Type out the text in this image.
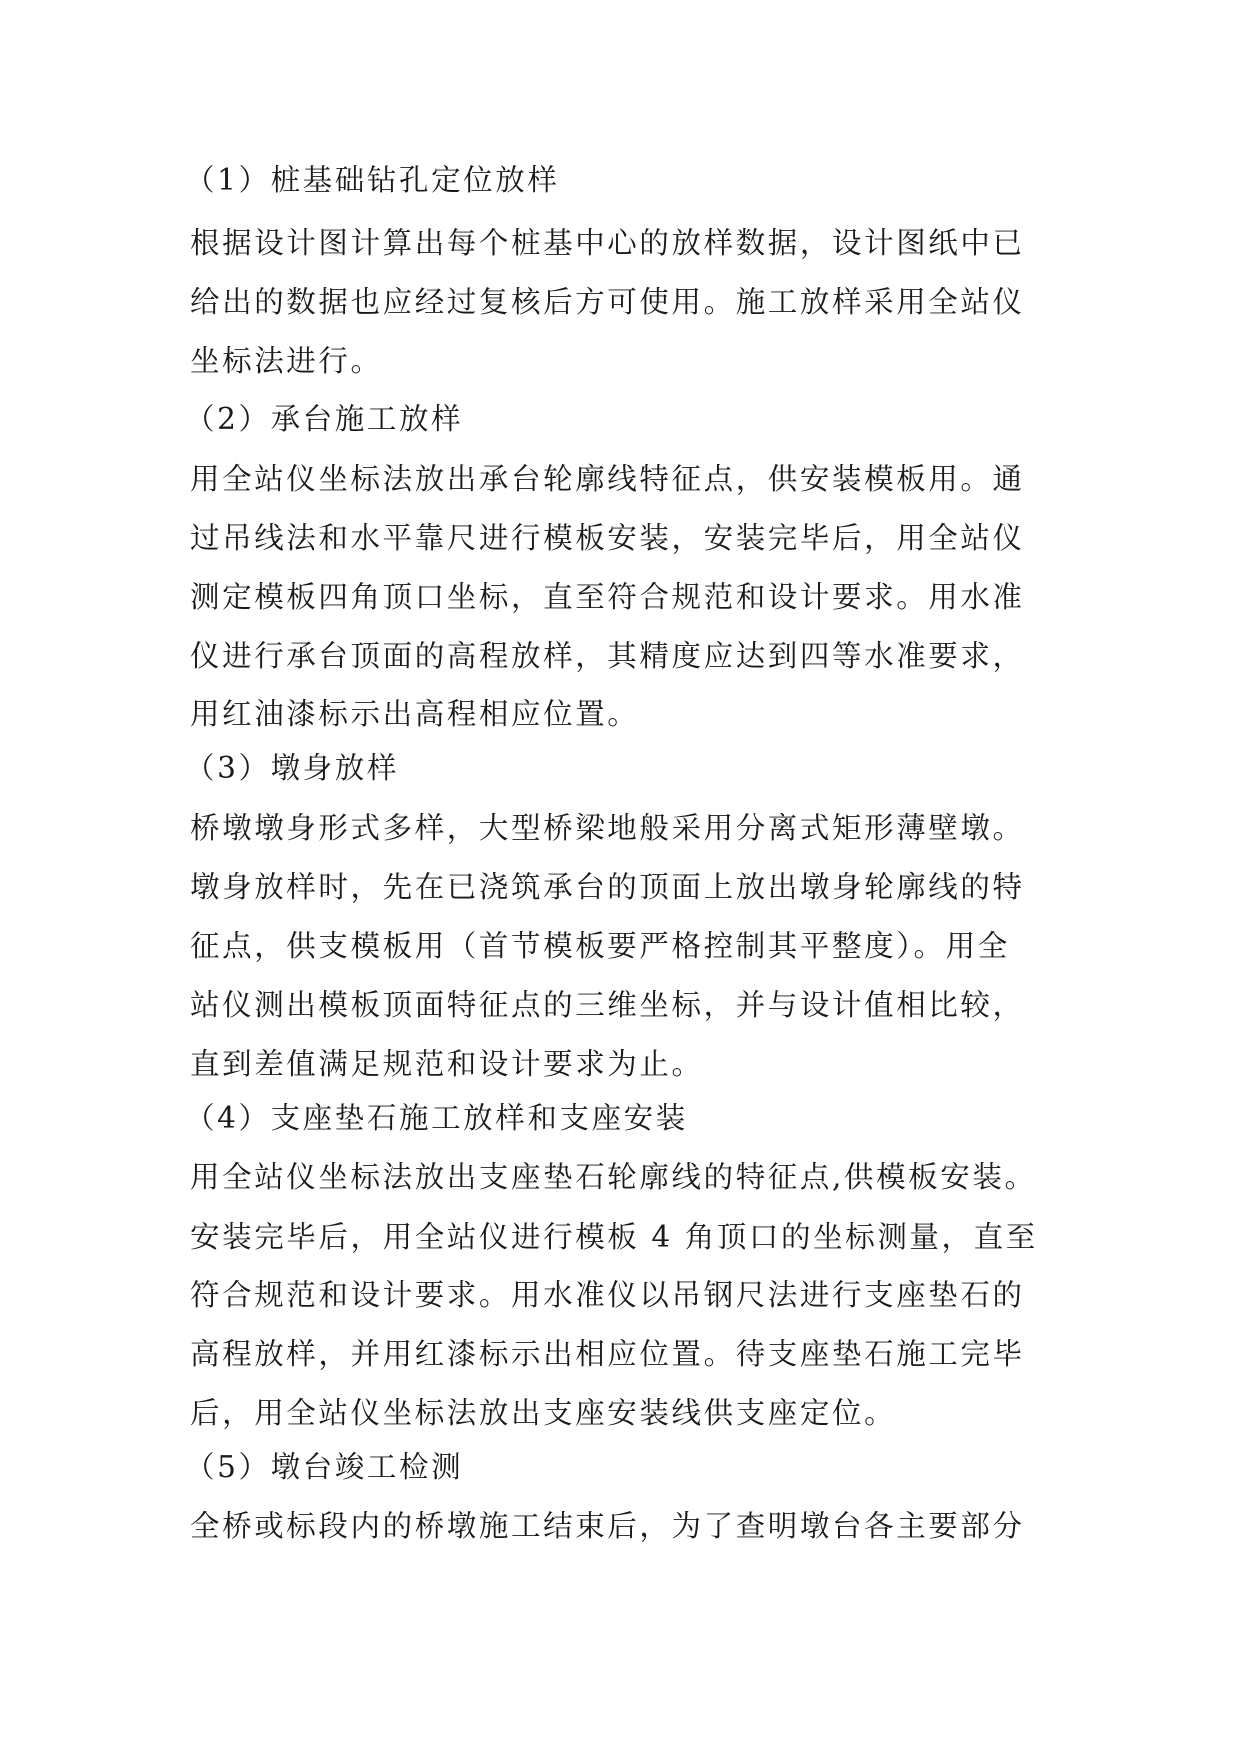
（1）桩基础钻孔定位放样
根据设计图计算出每个桩基中心的放样数据，设计图纸中已
给出的数据也应经过复核后方可使用。施工放样采用全站仪
坐标法进行。
（2）承台施工放样
用全站仪坐标法放出承台轮廓线特征点，供安装模板用。通
过吊线法和水平靠尺进行模板安装，安装完毕后，用全站仪
测定模板四角顶口坐标，直至符合规范和设计要求。用水准
仪进行承台顶面的高程放样，其精度应达到四等水准要求，
用红油漆标示出高程相应位置。
（3）墩身放样
桥墩墩身形式多样，大型桥梁地般采用分离式矩形薄壁墩。
墩身放样时，先在已浇筑承台的顶面上放出墩身轮廓线的特
征点，供支模板用（首节模板要严格控制其平整度）。用全
站仪测出模板顶面特征点的三维坐标，并与设计值相比较，
直到差值满足规范和设计要求为止。
（4）支座垫石施工放样和支座安装
用全站仪坐标法放出支座垫石轮廓线的特征点,供模板安装。
安装完毕后，用全站仪进行模板 4 角顶口的坐标测量，直至
符合规范和设计要求。用水准仪以吊钢尺法进行支座垫石的
高程放样，并用红漆标示出相应位置。待支座垫石施工完毕
后，用全站仪坐标法放出支座安装线供支座定位。
（5）墩台竣工检测
全桥或标段内的桥墩施工结束后，为了查明墩台各主要部分
